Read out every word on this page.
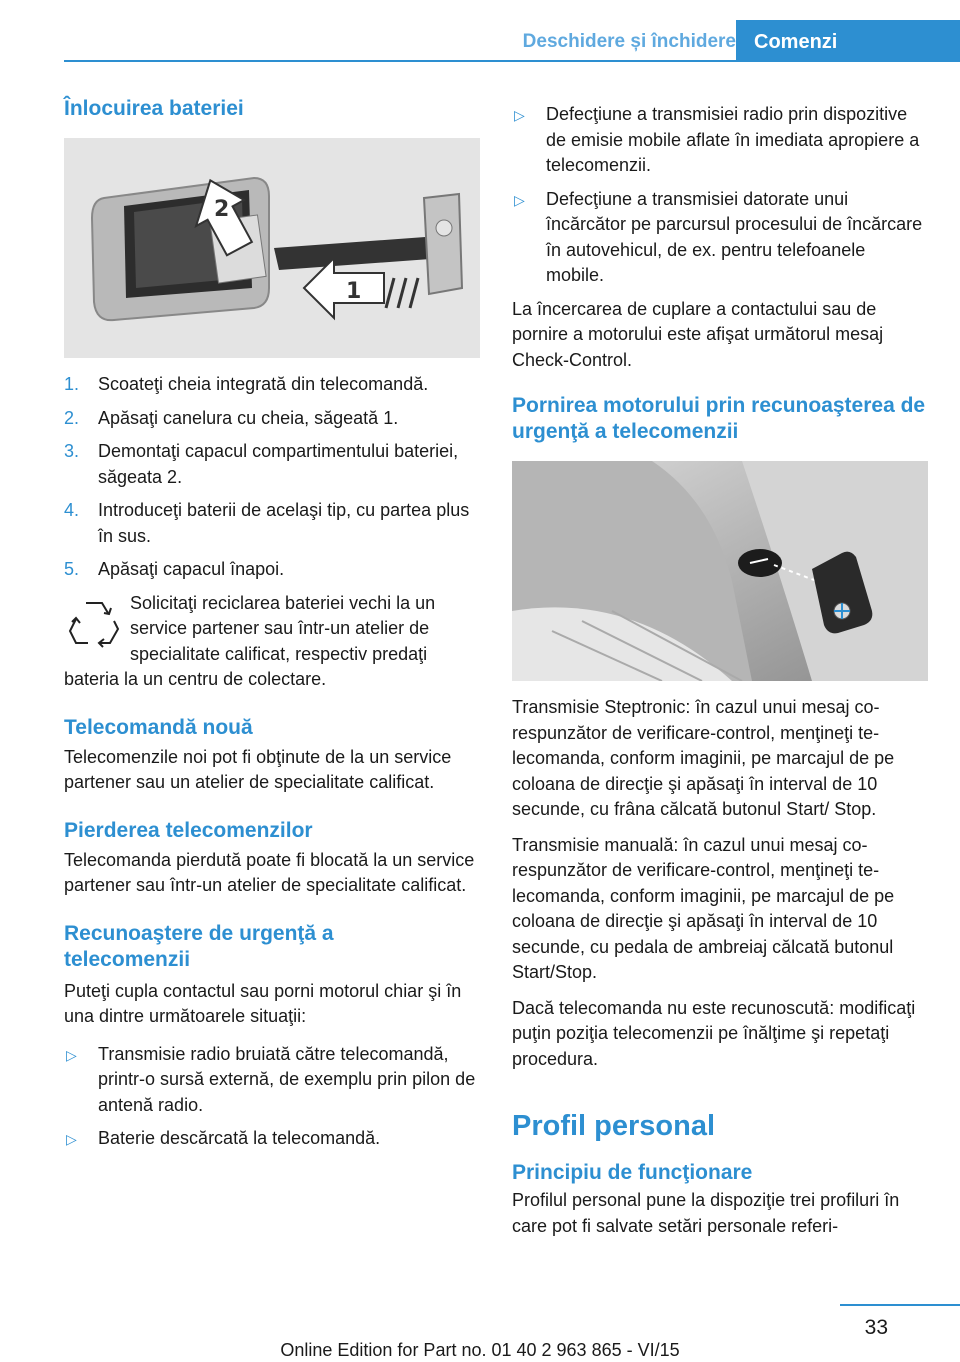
Deschidere și închidere Comenzi
Înlocuirea bateriei
1
2
1. Scoateţi cheia integrată din telecomandă.
2. Apăsaţi canelura cu cheia, săgeată 1.
3. Demontaţi capacul compartimentului bateriei, săgeata 2.
4. Introduceţi baterii de acelaşi tip, cu partea plus în sus.
5. Apăsaţi capacul înapoi.

Solicitaţi reciclarea bateriei vechi la un service partener sau într-un atelier de specialitate calificat, respectiv predaţi

bateria la un centru de colectare.

Telecomandă nouă

Telecomenzile noi pot fi obţinute de la un service partener sau un atelier de specialitate calificat.

Pierderea telecomenzilor

Telecomanda pierdută poate fi blocată la un service partener sau într-un atelier de specialitate calificat.

Recunoaştere de urgenţă a telecomenzii

Puteţi cupla contactul sau porni motorul chiar şi în una dintre următoarele situaţii:

▷ Transmisie radio bruiată către telecomandă, printr-o sursă externă, de exemplu prin pilon de antenă radio.
▷ Baterie descărcată la telecomandă.
▷ Defecţiune a transmisiei radio prin dispozitive de emisie mobile aflate în imediata apropiere a telecomenzii.
▷ Defecţiune a transmisiei datorate unui încărcător pe parcursul procesului de încărcare în autovehicul, de ex. pentru telefoanele mobile.

La încercarea de cuplare a contactului sau de pornire a motorului este afişat următorul mesaj Check-Control.

Pornirea motorului prin recunoaşterea de urgenţă a telecomenzii

Transmisie Steptronic: în cazul unui mesaj corespunzător de verificare-control, menţineţi telecomanda, conform imaginii, pe marcajul de pe coloana de direcţie şi apăsaţi în interval de 10 secunde, cu frâna călcată butonul Start/ Stop.

Transmisie manuală: în cazul unui mesaj corespunzător de verificare-control, menţineţi telecomanda, conform imaginii, pe marcajul de pe coloana de direcţie şi apăsaţi în interval de 10 secunde, cu pedala de ambreiaj călcată butonul Start/Stop.

Dacă telecomanda nu este recunoscută: modificaţi puţin poziţia telecomenzii pe înălţime şi repetaţi procedura.

Profil personal
Principiu de funcţionare

Profilul personal pune la dispoziţie trei profiluri în care pot fi salvate setări personale referi-

33
Online Edition for Part no. 01 40 2 963 865 - VI/15
